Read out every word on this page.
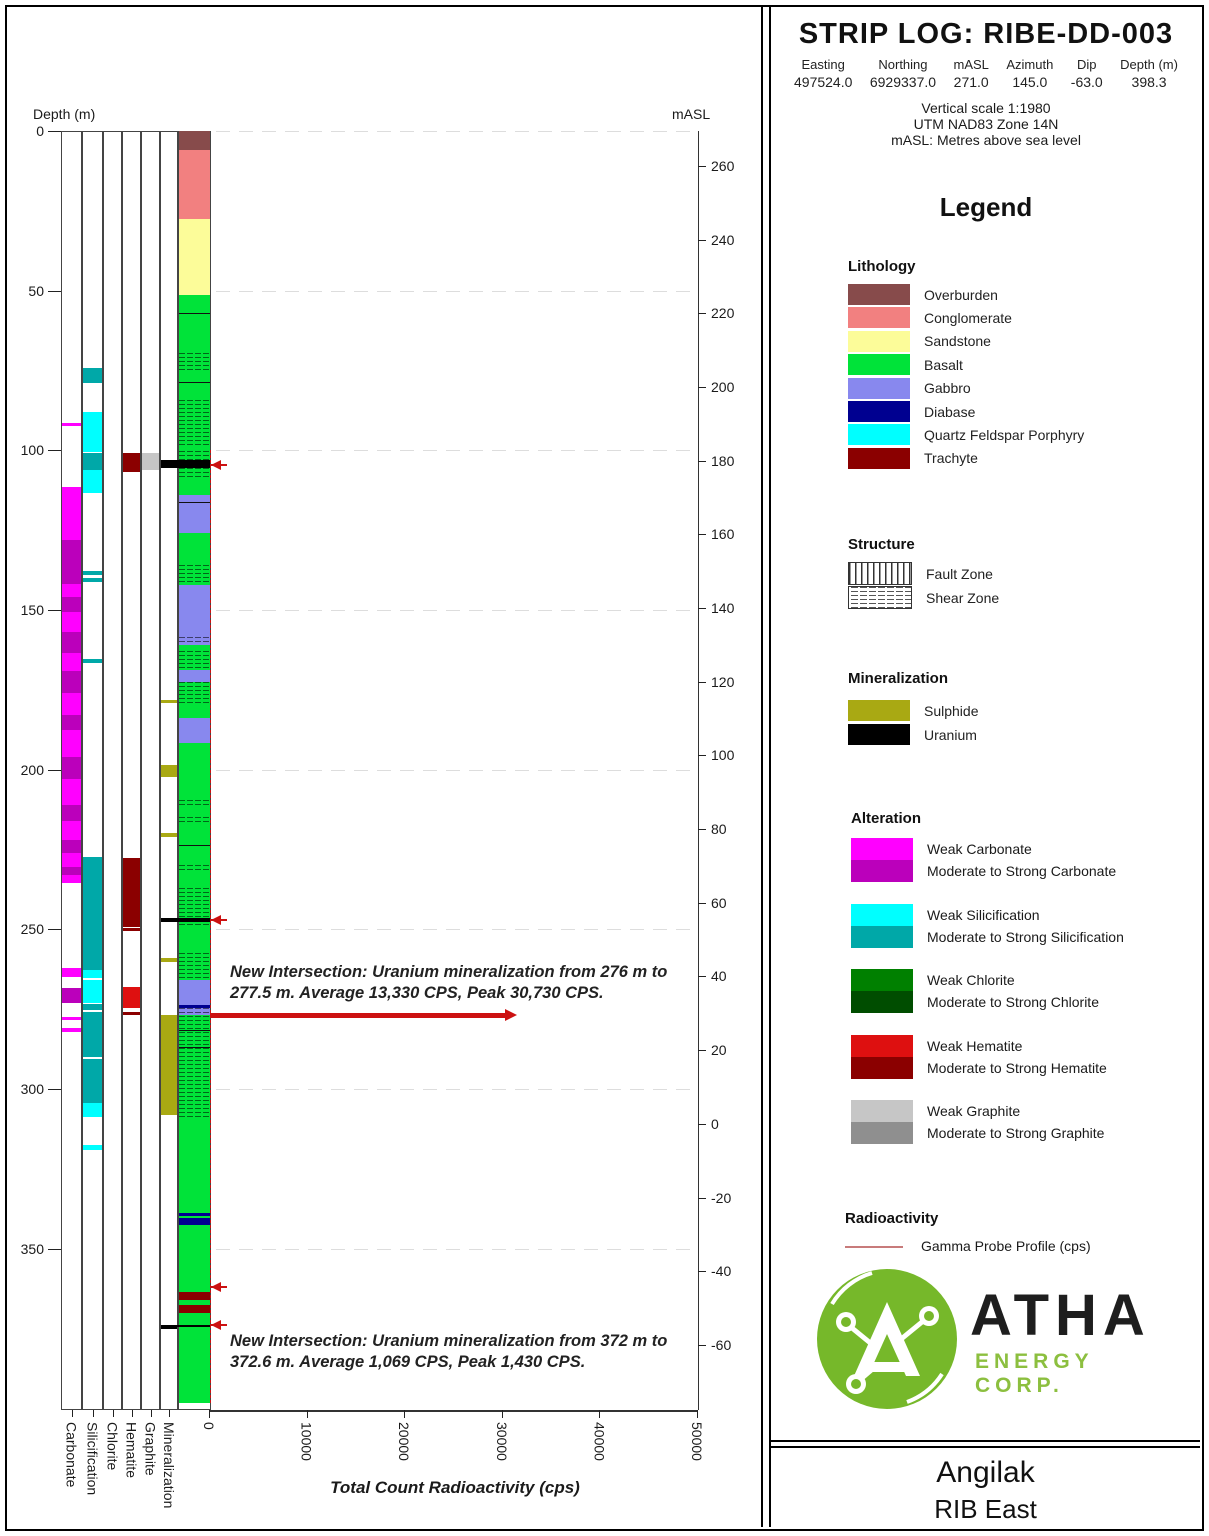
Depth (m)	mASL
Total Count Radioactivity (cps)
0
50
100
150
200
250
300
350
260
240
220
200
180
160
140
120
100
80
60
40
20
0
-20
-40
-60
0	10000	20000	30000	40000	50000
Carbonate Silicification Chlorite Hematite Graphite Mineralization
New Intersection: Uranium mineralization from 276 m to 277.5 m. Average 13,330 CPS, Peak 30,730 CPS.
New Intersection: Uranium mineralization from 372 m to 372.6 m. Average 1,069 CPS, Peak 1,430 CPS.
STRIP LOG: RIBE-DD-003
Easting
497524.0
Northing
6929337.0
mASL
271.0
Azimuth
145.0
Dip
-63.0
Depth (m)
398.3
Vertical scale 1:1980
UTM NAD83 Zone 14N
mASL: Metres above sea level
Legend
Lithology
Overburden
Conglomerate
Sandstone
Basalt
Gabbro
Diabase
Quartz Feldspar Porphyry
Trachyte
Structure
Fault Zone
Shear Zone
Mineralization
Sulphide
Uranium
Alteration
Weak Carbonate
Moderate to Strong Carbonate
Weak Silicification
Moderate to Strong Silicification
Weak Chlorite
Moderate to Strong Chlorite
Weak Hematite
Moderate to Strong Hematite
Weak Graphite
Moderate to Strong Graphite
Radioactivity
Gamma Probe Profile (cps)
ATHA
ENERGY CORP.
Angilak
RIB East
